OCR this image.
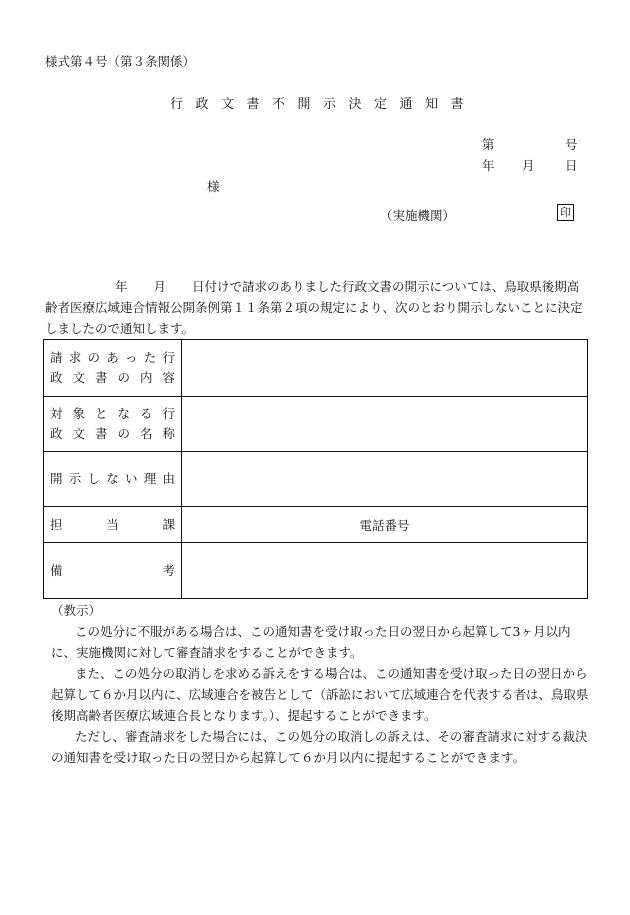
様式第４号（第３条関係）
行政文書不開示決定通知書
第	号
年 月 日
様
（実施機関）	印
年 月 日付けで請求のありました行政文書の開示については、鳥取県後期高齢者医療広域連合情報公開条例第１１条第２項の規定により、次のとおり開示しないことに決定しましたので通知します。
請求のあった行
政文書の内容	

対象となる行
政文書の名称	

開示しない理由	

担当課	電話番号

備考	

（教示）

この処分に不服がある場合は、この通知書を受け取った日の翌日から起算して3ヶ月以内に、実施機関に対して審査請求をすることができます。

また、この処分の取消しを求める訴えをする場合は、この通知書を受け取った日の翌日から起算して６か月以内に、広域連合を被告として（訴訟において広域連合を代表する者は、鳥取県後期高齢者医療広域連合長となります。）、提起することができます。

ただし、審査請求をした場合には、この処分の取消しの訴えは、その審査請求に対する裁決の通知書を受け取った日の翌日から起算して６か月以内に提起することができます。
